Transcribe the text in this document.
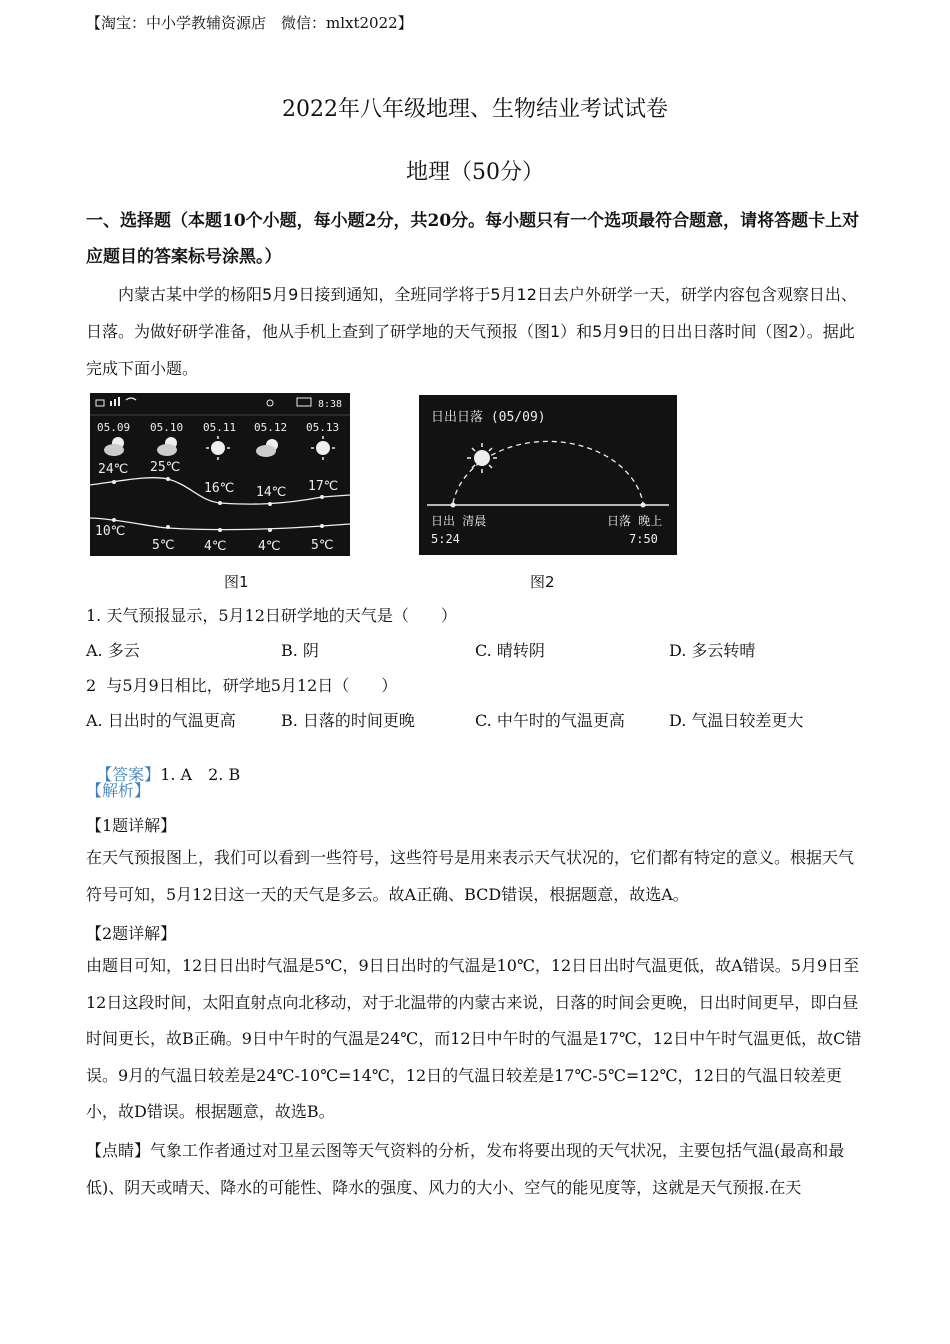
【淘宝：中小学教辅资源店　微信：mlxt2022】
2022年八年级地理、生物结业考试试卷
地理（50分）
一、选择题（本题10个小题，每小题2分，共20分。每小题只有一个选项最符合题意，请将答题卡上对应题目的答案标号涂黑。）
内蒙古某中学的杨阳5月9日接到通知，全班同学将于5月12日去户外研学一天，研学内容包含观察日出、日落。为做好研学准备，他从手机上查到了研学地的天气预报（图1）和5月9日的日出日落时间（图2）。据此完成下面小题。
8:38
05.09 05.10 05.11 05.12 05.13
24℃ 25℃
16℃ 14℃ 17℃
10℃
5℃ 4℃ 4℃ 5℃
图1
日出日落 (05/09)
日出 清晨
5:24
日落 晚上
7:50
图2
1. 天气预报显示，5月12日研学地的天气是（　　）
A. 多云	B. 阴	C. 晴转阴	D. 多云转晴
2  与5月9日相比，研学地5月12日（　　）
A. 日出时的气温更高	B. 日落的时间更晚	C. 中午时的气温更高	D. 气温日较差更大

【答案】1. A　2. B

【解析】
【1题详解】
在天气预报图上，我们可以看到一些符号，这些符号是用来表示天气状况的，它们都有特定的意义。根据天气符号可知，5月12日这一天的天气是多云。故A正确、BCD错误，根据题意，故选A。
【2题详解】
由题目可知，12日日出时气温是5℃，9日日出时的气温是10℃，12日日出时气温更低，故A错误。5月9日至12日这段时间，太阳直射点向北移动，对于北温带的内蒙古来说，日落的时间会更晚，日出时间更早，即白昼时间更长，故B正确。9日中午时的气温是24℃，而12日中午时的气温是17℃，12日中午时气温更低，故C错误。9月的气温日较差是24℃-10℃=14℃，12日的气温日较差是17℃-5℃=12℃，12日的气温日较差更小，故D错误。根据题意，故选B。
【点睛】气象工作者通过对卫星云图等天气资料的分析，发布将要出现的天气状况，主要包括气温(最高和最低)、阴天或晴天、降水的可能性、降水的强度、风力的大小、空气的能见度等，这就是天气预报.在天
